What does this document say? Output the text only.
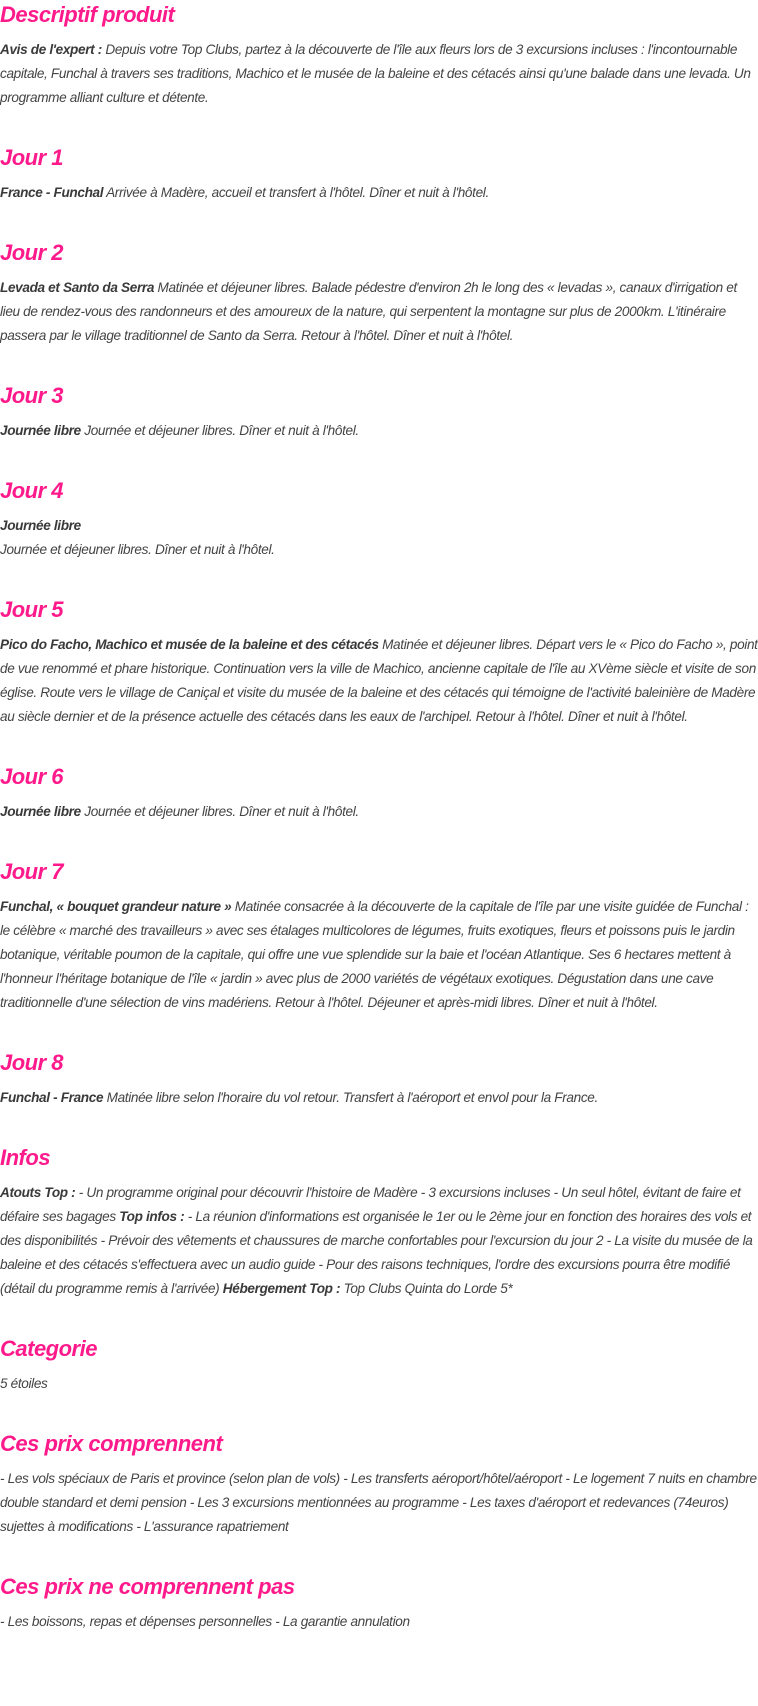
Descriptif produit

Avis de l'expert : Depuis votre Top Clubs, partez à la découverte de l'île aux fleurs lors de 3 excursions incluses : l'incontournable capitale, Funchal à travers ses traditions, Machico et le musée de la baleine et des cétacés ainsi qu'une balade dans une levada. Un programme alliant culture et détente.

Jour 1

France - Funchal Arrivée à Madère, accueil et transfert à l'hôtel. Dîner et nuit à l'hôtel.

Jour 2

Levada et Santo da Serra Matinée et déjeuner libres. Balade pédestre d'environ 2h le long des « levadas », canaux d'irrigation et lieu de rendez-vous des randonneurs et des amoureux de la nature, qui serpentent la montagne sur plus de 2000km. L'itinéraire passera par le village traditionnel de Santo da Serra. Retour à l'hôtel. Dîner et nuit à l'hôtel.

Jour 3

Journée libre Journée et déjeuner libres. Dîner et nuit à l'hôtel.

Jour 4

Journée libre
Journée et déjeuner libres. Dîner et nuit à l'hôtel.

Jour 5

Pico do Facho, Machico et musée de la baleine et des cétacés Matinée et déjeuner libres. Départ vers le « Pico do Facho », point de vue renommé et phare historique. Continuation vers la ville de Machico, ancienne capitale de l'île au XVème siècle et visite de son église. Route vers le village de Caniçal et visite du musée de la baleine et des cétacés qui témoigne de l'activité baleinière de Madère au siècle dernier et de la présence actuelle des cétacés dans les eaux de l'archipel. Retour à l'hôtel. Dîner et nuit à l'hôtel.

Jour 6

Journée libre Journée et déjeuner libres. Dîner et nuit à l'hôtel.

Jour 7

Funchal, « bouquet grandeur nature » Matinée consacrée à la découverte de la capitale de l'île par une visite guidée de Funchal : le célèbre « marché des travailleurs » avec ses étalages multicolores de légumes, fruits exotiques, fleurs et poissons puis le jardin botanique, véritable poumon de la capitale, qui offre une vue splendide sur la baie et l'océan Atlantique. Ses 6 hectares mettent à l'honneur l'héritage botanique de l'île « jardin » avec plus de 2000 variétés de végétaux exotiques. Dégustation dans une cave traditionnelle d'une sélection de vins madériens. Retour à l'hôtel. Déjeuner et après-midi libres. Dîner et nuit à l'hôtel.

Jour 8

Funchal - France Matinée libre selon l'horaire du vol retour. Transfert à l'aéroport et envol pour la France.

Infos

Atouts Top : - Un programme original pour découvrir l'histoire de Madère - 3 excursions incluses - Un seul hôtel, évitant de faire et défaire ses bagages Top infos : - La réunion d'informations est organisée le 1er ou le 2ème jour en fonction des horaires des vols et des disponibilités - Prévoir des vêtements et chaussures de marche confortables pour l'excursion du jour 2 - La visite du musée de la baleine et des cétacés s'effectuera avec un audio guide - Pour des raisons techniques, l'ordre des excursions pourra être modifié (détail du programme remis à l'arrivée) Hébergement Top : Top Clubs Quinta do Lorde 5*

Categorie

5 étoiles

Ces prix comprennent

- Les vols spéciaux de Paris et province (selon plan de vols) - Les transferts aéroport/hôtel/aéroport - Le logement 7 nuits en chambre double standard et demi pension - Les 3 excursions mentionnées au programme - Les taxes d'aéroport et redevances (74euros) sujettes à modifications - L'assurance rapatriement

Ces prix ne comprennent pas

- Les boissons, repas et dépenses personnelles - La garantie annulation
